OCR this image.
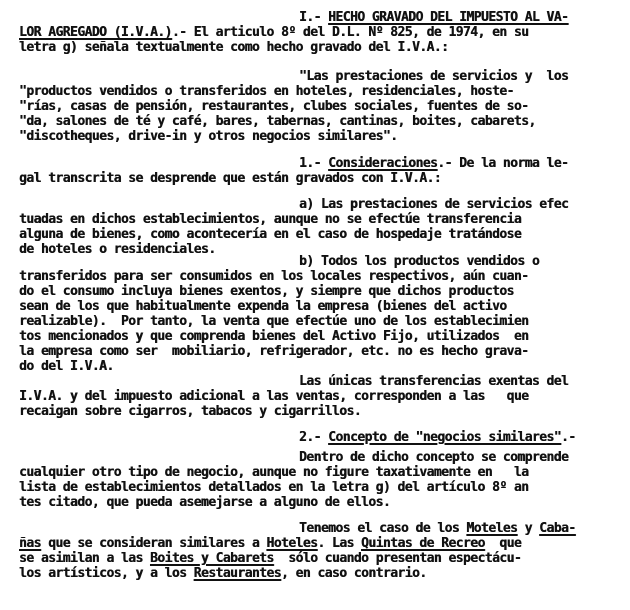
I.- HECHO GRAVADO DEL IMPUESTO AL VA-
LOR AGREGADO (I.V.A.).- El articulo 8º del D.L. Nº 825, de 1974, en su
letra g) señala textualmente como hecho gravado del I.V.A.:
"Las prestaciones de servicios y  los
"productos vendidos o transferidos en hoteles, residenciales, hoste-
"rías, casas de pensión, restaurantes, clubes sociales, fuentes de so-
"da, salones de té y café, bares, tabernas, cantinas, boites, cabarets,
"discotheques, drive-in y otros negocios similares".
1.- Consideraciones.- De la norma le-
gal transcrita se desprende que están gravados con I.V.A.:
a) Las prestaciones de servicios efec
tuadas en dichos establecimientos, aunque no se efectúe transferencia
alguna de bienes, como acontecería en el caso de hospedaje tratándose
de hoteles o residenciales.
b) Todos los productos vendidos o
transferidos para ser consumidos en los locales respectivos, aún cuan-
do el consumo incluya bienes exentos, y siempre que dichos productos
sean de los que habitualmente expenda la empresa (bienes del activo
realizable).  Por tanto, la venta que efectúe uno de los establecimien
tos mencionados y que comprenda bienes del Activo Fijo, utilizados  en
la empresa como ser  mobiliario, refrigerador, etc. no es hecho grava-
do del I.V.A.
Las únicas transferencias exentas del
I.V.A. y del impuesto adicional a las ventas, corresponden a las   que
recaigan sobre cigarros, tabacos y cigarrillos.
2.- Concepto de "negocios similares".-
Dentro de dicho concepto se comprende
cualquier otro tipo de negocio, aunque no figure taxativamente en   la
lista de establecimientos detallados en la letra g) del artículo 8º an
tes citado, que pueda asemejarse a alguno de ellos.
Tenemos el caso de los Moteles y Caba-
ñas que se consideran similares a Hoteles. Las Quintas de Recreo  que
se asimilan a las Boites y Cabarets  sólo cuando presentan espectácu-
los artísticos, y a los Restaurantes, en caso contrario.
